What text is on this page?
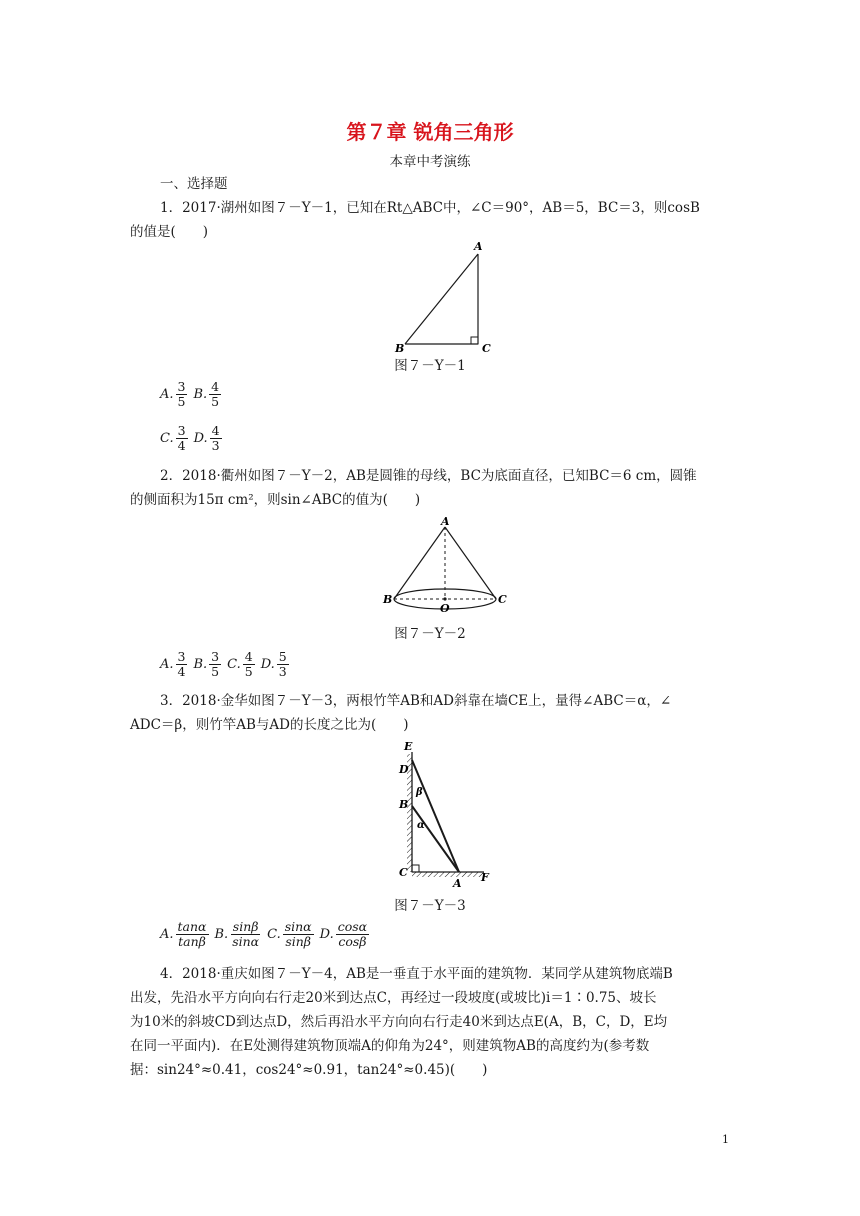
第７章 锐角三角形
本章中考演练
一、选择题
1．2017·湖州如图７－Y－1，已知在Rt△ABC中，∠C＝90°，AB＝5，BC＝3，则cosB
的值是(　　)
A
B	C
图７－Y－1
A. $\frac{3}{5} B$. $\frac{4}{5}$
C. $\frac{3}{4} D$. $\frac{4}{3}$
2．2018·衢州如图７－Y－2，AB是圆锥的母线，BC为底面直径，已知BC＝6 cm，圆锥
的侧面积为15π cm²，则sin∠ABC的值为(　　)
A
B
O
C
图７－Y－2
A. $\frac{3}{4} B$. $\frac{3}{5} C$. $\frac{4}{5} D$. $\frac{5}{3}$
3．2018·金华如图７－Y－3，两根竹竿AB和AD斜靠在墙CE上，量得∠ABC＝α，∠
ADC＝β，则竹竿AB与AD的长度之比为(　　)
E
D
β
B
α
C
A F
图７－Y－3
A. $\frac{\tan\alpha}{\tan\beta} B$. $\frac{\sin\beta}{\sin\alpha} C$. $\frac{\sin\alpha}{\sin\beta} D$. $\frac{\cos\alpha}{\cos\beta}$
4．2018·重庆如图７－Y－4，AB是一垂直于水平面的建筑物．某同学从建筑物底端B
出发，先沿水平方向向右行走20米到达点C，再经过一段坡度(或坡比)i＝1∶0.75、坡长
为10米的斜坡CD到达点D，然后再沿水平方向向右行走40米到达点E(A，B，C，D，E均
在同一平面内)．在E处测得建筑物顶端A的仰角为24°，则建筑物AB的高度约为(参考数
据：sin24°≈0.41，cos24°≈0.91，tan24°≈0.45)(　　)
1
